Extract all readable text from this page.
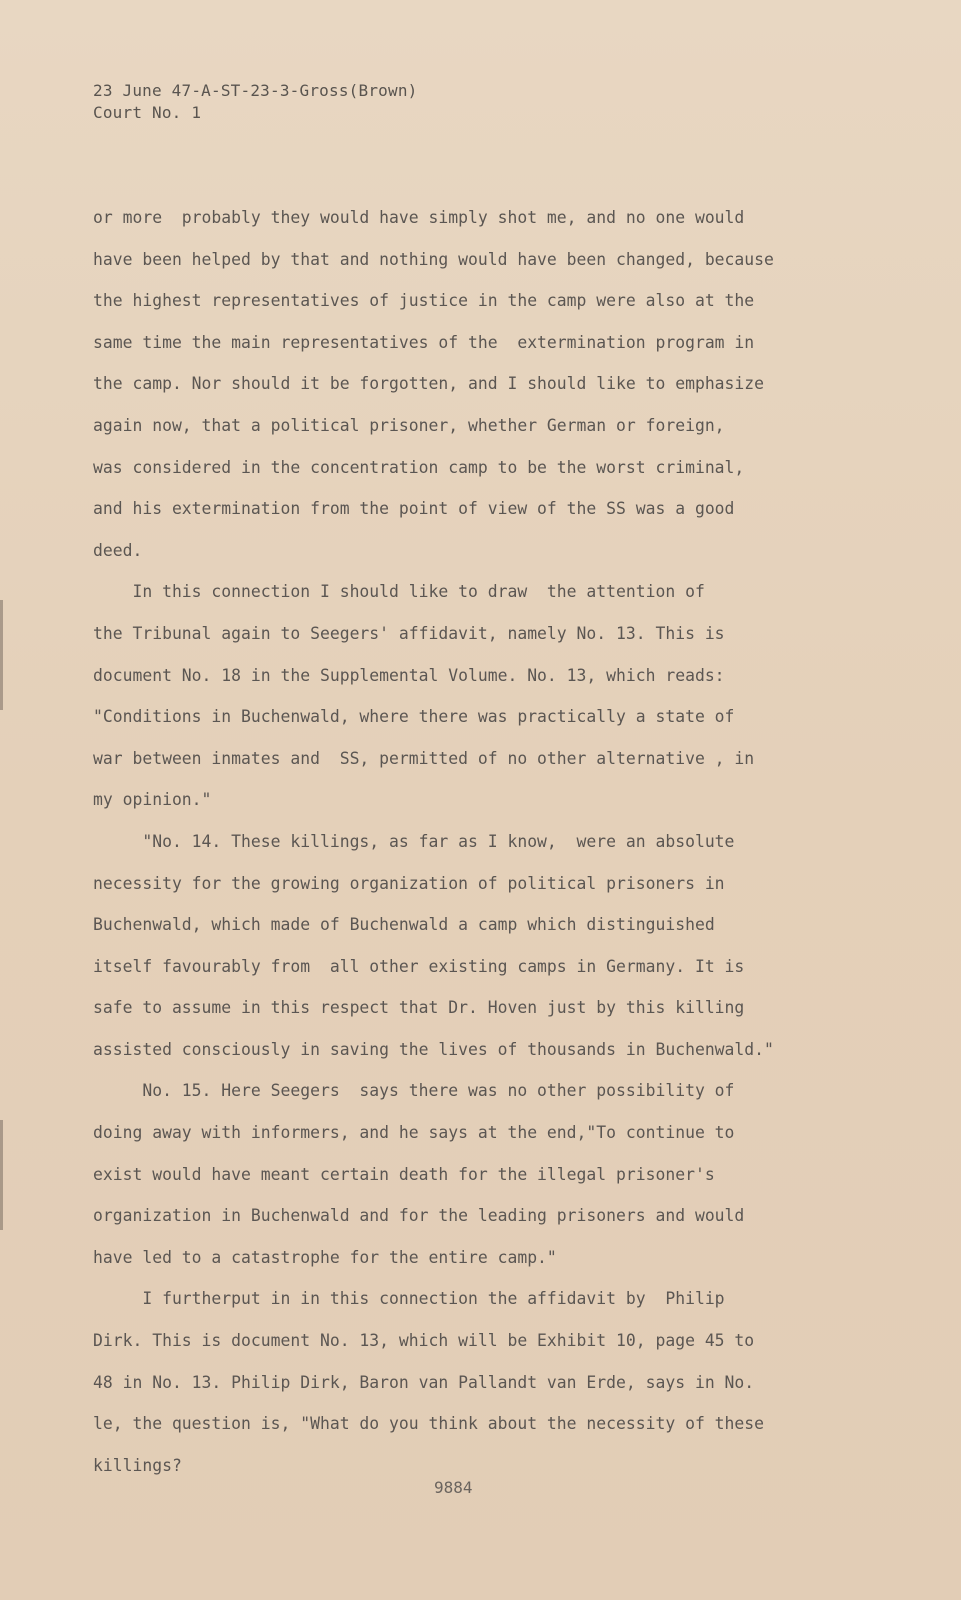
23 June 47-A-ST-23-3-Gross(Brown)
Court No. 1
or more  probably they would have simply shot me, and no one would
have been helped by that and nothing would have been changed, because
the highest representatives of justice in the camp were also at the
same time the main representatives of the  extermination program in
the camp. Nor should it be forgotten, and I should like to emphasize
again now, that a political prisoner, whether German or foreign,
was considered in the concentration camp to be the worst criminal,
and his extermination from the point of view of the SS was a good
deed.
In this connection I should like to draw  the attention of
the Tribunal again to Seegers' affidavit, namely No. 13. This is
document No. 18 in the Supplemental Volume. No. 13, which reads:
"Conditions in Buchenwald, where there was practically a state of
war between inmates and  SS, permitted of no other alternative , in
my opinion."
"No. 14. These killings, as far as I know,  were an absolute
necessity for the growing organization of political prisoners in
Buchenwald, which made of Buchenwald a camp which distinguished
itself favourably from  all other existing camps in Germany. It is
safe to assume in this respect that Dr. Hoven just by this killing
assisted consciously in saving the lives of thousands in Buchenwald."
No. 15. Here Seegers  says there was no other possibility of
doing away with informers, and he says at the end,"To continue to
exist would have meant certain death for the illegal prisoner's
organization in Buchenwald and for the leading prisoners and would
have led to a catastrophe for the entire camp."
I furtherput in in this connection the affidavit by  Philip
Dirk. This is document No. 13, which will be Exhibit 10, page 45 to
48 in No. 13. Philip Dirk, Baron van Pallandt van Erde, says in No.
le, the question is, "What do you think about the necessity of these
killings?
9884
